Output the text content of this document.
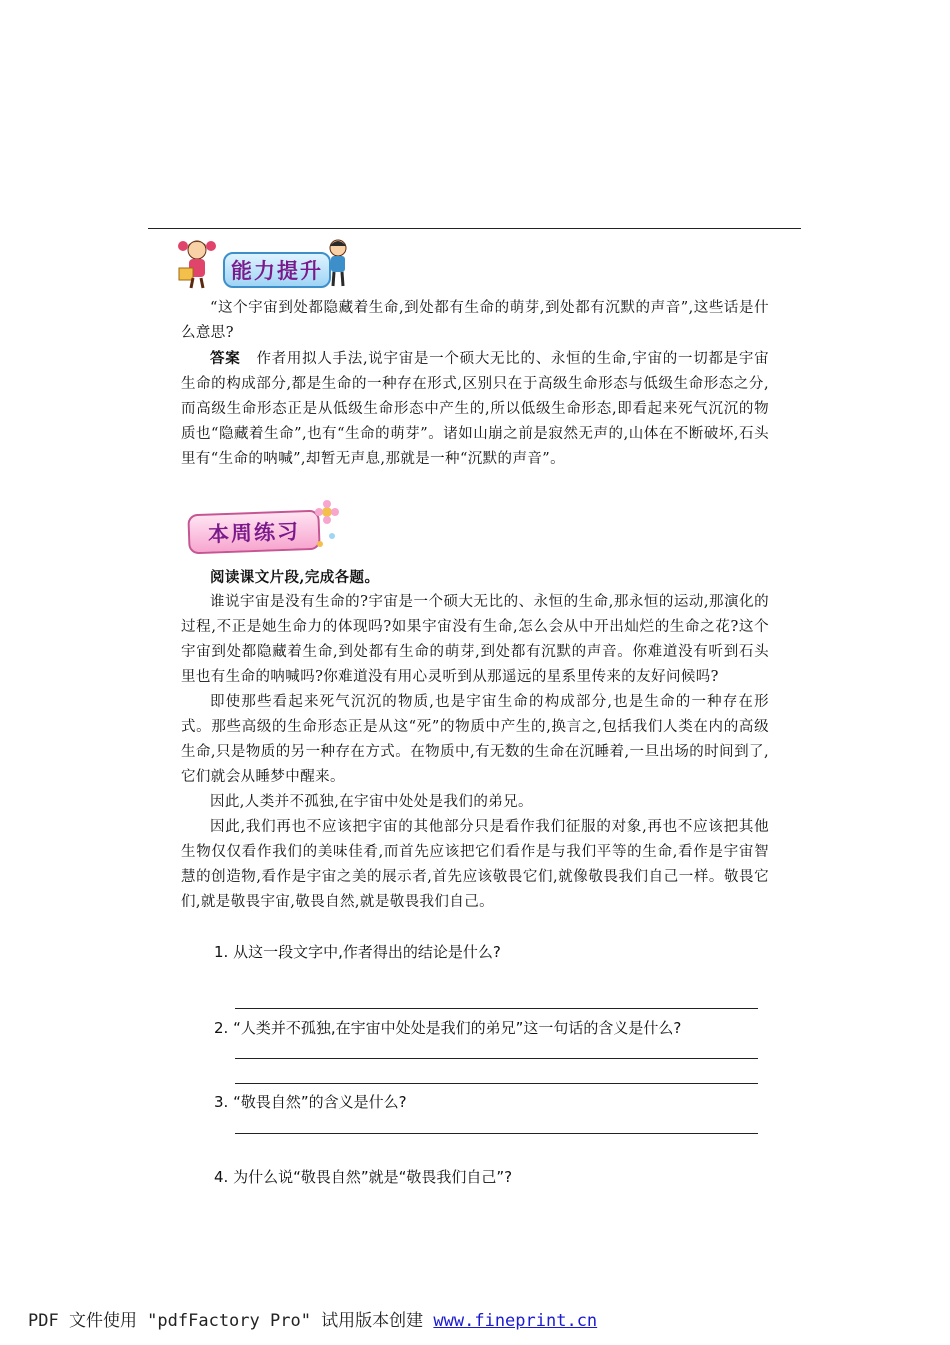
能力提升

“这个宇宙到处都隐藏着生命,到处都有生命的萌芽,到处都有沉默的声音”,这些话是什么意思?

答案 作者用拟人手法,说宇宙是一个硕大无比的、永恒的生命,宇宙的一切都是宇宙生命的构成部分,都是生命的一种存在形式,区别只在于高级生命形态与低级生命形态之分,而高级生命形态正是从低级生命形态中产生的,所以低级生命形态,即看起来死气沉沉的物质也“隐藏着生命”,也有“生命的萌芽”。诸如山崩之前是寂然无声的,山体在不断破坏,石头里有“生命的呐喊”,却暂无声息,那就是一种“沉默的声音”。

本周练习

阅读课文片段,完成各题。

谁说宇宙是没有生命的?宇宙是一个硕大无比的、永恒的生命,那永恒的运动,那演化的过程,不正是她生命力的体现吗?如果宇宙没有生命,怎么会从中开出灿烂的生命之花?这个宇宙到处都隐藏着生命,到处都有生命的萌芽,到处都有沉默的声音。你难道没有听到石头里也有生命的呐喊吗?你难道没有用心灵听到从那遥远的星系里传来的友好问候吗?

即使那些看起来死气沉沉的物质,也是宇宙生命的构成部分,也是生命的一种存在形式。那些高级的生命形态正是从这“死”的物质中产生的,换言之,包括我们人类在内的高级生命,只是物质的另一种存在方式。在物质中,有无数的生命在沉睡着,一旦出场的时间到了,它们就会从睡梦中醒来。

因此,人类并不孤独,在宇宙中处处是我们的弟兄。

因此,我们再也不应该把宇宙的其他部分只是看作我们征服的对象,再也不应该把其他生物仅仅看作我们的美味佳肴,而首先应该把它们看作是与我们平等的生命,看作是宇宙智慧的创造物,看作是宇宙之美的展示者,首先应该敬畏它们,就像敬畏我们自己一样。敬畏它们,就是敬畏宇宙,敬畏自然,就是敬畏我们自己。

1. 从这一段文字中,作者得出的结论是什么?
2. “人类并不孤独,在宇宙中处处是我们的弟兄”这一句话的含义是什么?
3. “敬畏自然”的含义是什么?
4. 为什么说“敬畏自然”就是“敬畏我们自己”?
PDF 文件使用 "pdfFactory Pro" 试用版本创建 www.fineprint.cn
